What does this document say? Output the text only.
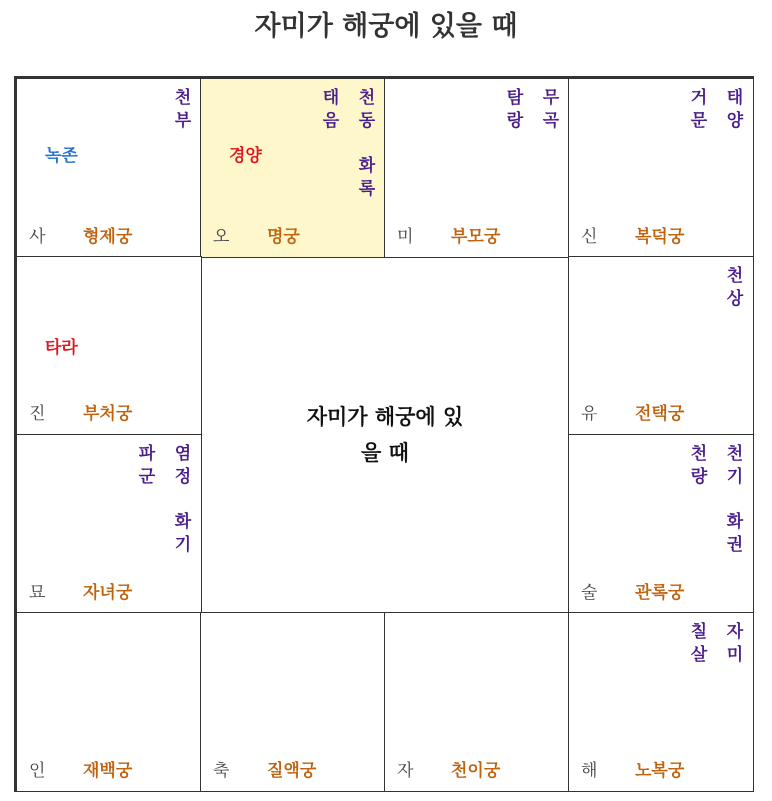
자미가 해궁에 있을 때
자미가 해궁에 있을 때
천부
녹존
사 형제궁
천동
태음
화록
경양
오 명궁
무곡
탐랑
미 부모궁
태양
거문
신 복덕궁
타라
진 부처궁
천상
유 전택궁
염정
파군
화기
묘 자녀궁
천기
천량
화권
술 관록궁
인 재백궁	축 질액궁	자 천이궁
자미
칠살
해 노복궁
